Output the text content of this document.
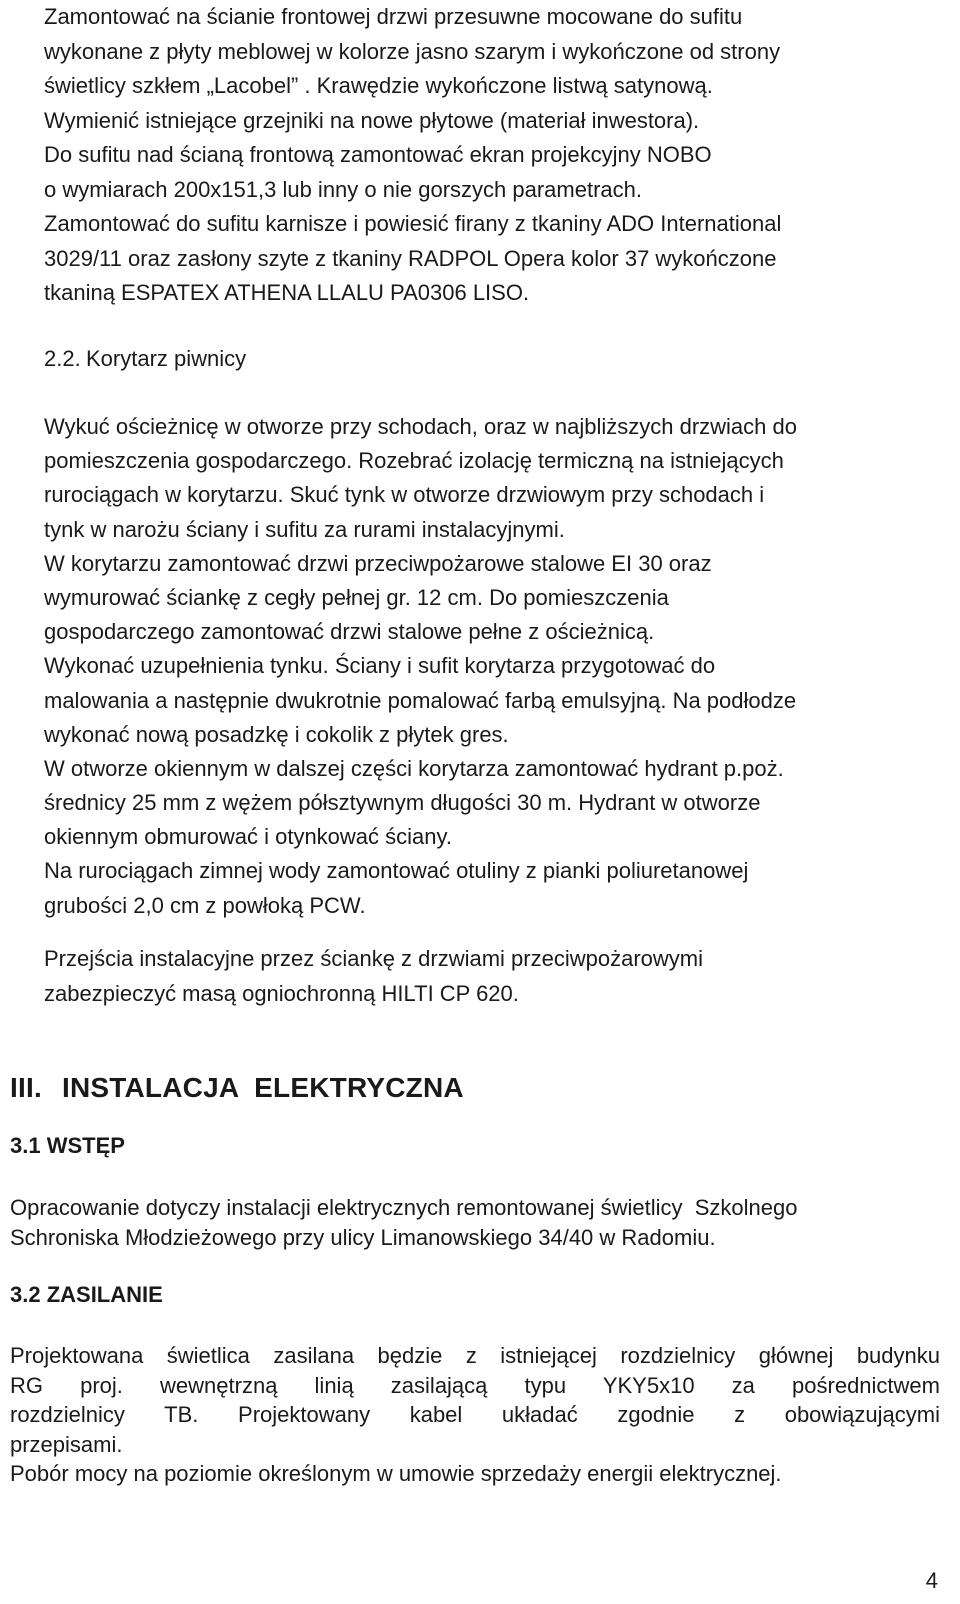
Zamontować na ścianie frontowej drzwi przesuwne mocowane do sufitu
wykonane z płyty meblowej w kolorze jasno szarym i wykończone od strony
świetlicy szkłem „Lacobel” . Krawędzie wykończone listwą satynową.
Wymienić istniejące grzejniki na nowe płytowe (materiał inwestora).
Do sufitu nad ścianą frontową zamontować ekran projekcyjny NOBO
o wymiarach 200x151,3 lub inny o nie gorszych parametrach.
Zamontować do sufitu karnisze i powiesić firany z tkaniny ADO International
3029/11 oraz zasłony szyte z tkaniny RADPOL Opera kolor 37 wykończone
tkaniną ESPATEX ATHENA LLALU PA0306 LISO.
2.2. Korytarz piwnicy
Wykuć ościeżnicę w otworze przy schodach, oraz w najbliższych drzwiach do
pomieszczenia gospodarczego. Rozebrać izolację termiczną na istniejących
rurociągach w korytarzu. Skuć tynk w otworze drzwiowym przy schodach i
tynk w narożu ściany i sufitu za rurami instalacyjnymi.
W korytarzu zamontować drzwi przeciwpożarowe stalowe EI 30 oraz
wymurować ściankę z cegły pełnej gr. 12 cm. Do pomieszczenia
gospodarczego zamontować drzwi stalowe pełne z ościeżnicą.
Wykonać uzupełnienia tynku. Ściany i sufit korytarza przygotować do
malowania a następnie dwukrotnie pomalować farbą emulsyjną. Na podłodze
wykonać nową posadzkę i cokolik z płytek gres.
W otworze okiennym w dalszej części korytarza zamontować hydrant p.poż.
średnicy 25 mm z wężem półsztywnym długości 30 m. Hydrant w otworze
okiennym obmurować i otynkować ściany.
Na rurociągach zimnej wody zamontować otuliny z pianki poliuretanowej
grubości 2,0 cm z powłoką PCW.
Przejścia instalacyjne przez ściankę z drzwiami przeciwpożarowymi
zabezpieczyć masą ogniochronną HILTI CP 620.
III. INSTALACJA  ELEKTRYCZNA
3.1 WSTĘP
Opracowanie dotyczy instalacji elektrycznych remontowanej świetlicy  Szkolnego
Schroniska Młodzieżowego przy ulicy Limanowskiego 34/40 w Radomiu.
3.2 ZASILANIE
Projektowana świetlica zasilana będzie z istniejącej rozdzielnicy głównej budynku
RG proj. wewnętrzną linią zasilającą typu YKY5x10 za pośrednictwem
rozdzielnicy TB. Projektowany kabel układać zgodnie z obowiązującymi
przepisami.
Pobór mocy na poziomie określonym w umowie sprzedaży energii elektrycznej.
4
